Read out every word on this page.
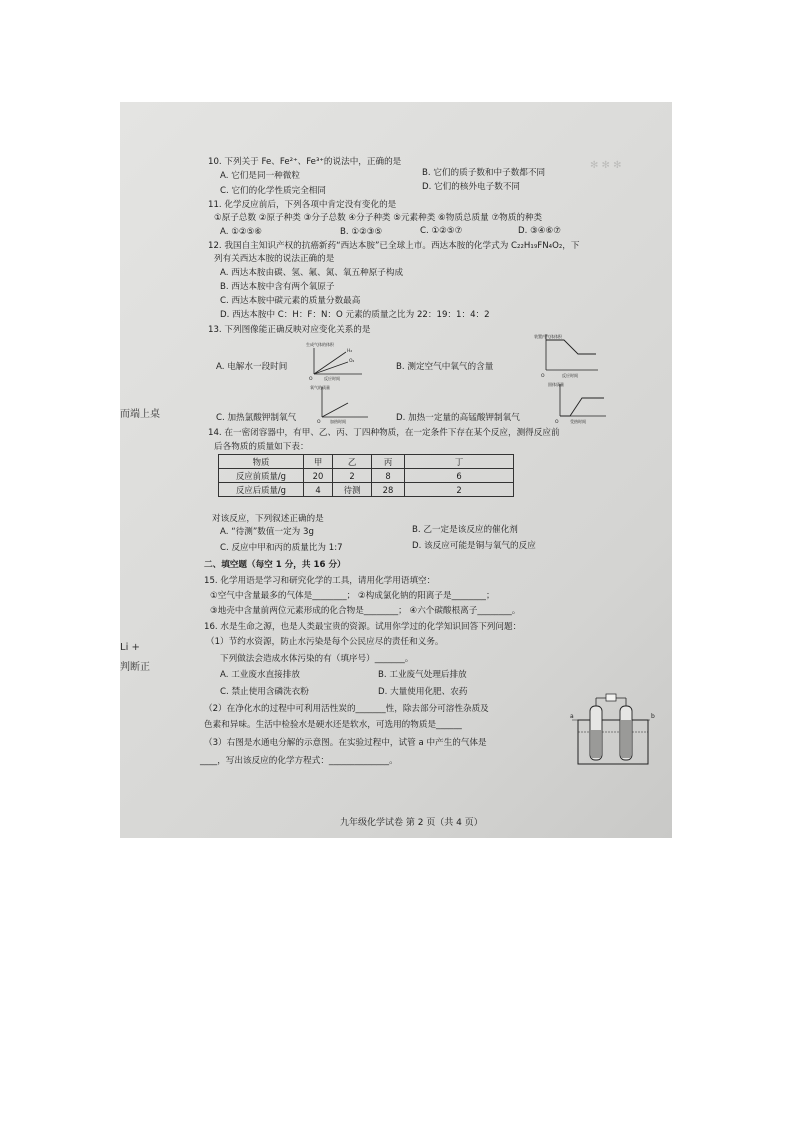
✻ ✻ ✻
而端上桌
Li +
判断正
10. 下列关于 Fe、Fe²⁺、Fe³⁺的说法中，正确的是
A. 它们是同一种微粒	B. 它们的质子数和中子数都不同
C. 它们的化学性质完全相同	D. 它们的核外电子数不同
11. 化学反应前后，下列各项中肯定没有变化的是
①原子总数 ②原子种类 ③分子总数 ④分子种类 ⑤元素种类 ⑥物质总质量 ⑦物质的种类
A. ①②⑤⑥	B. ①②③⑤	C. ①②⑤⑦	D. ③④⑥⑦
12. 我国自主知识产权的抗癌新药“西达本胺”已全球上市。西达本胺的化学式为 C₂₂H₁₉FN₄O₂，下
列有关西达本胺的说法正确的是
A. 西达本胺由碳、氢、氟、氮、氧五种原子构成
B. 西达本胺中含有两个氧原子
C. 西达本胺中碳元素的质量分数最高
D. 西达本胺中 C：H：F：N：O 元素的质量之比为 22：19：1：4：2
13. 下列图像能正确反映对应变化关系的是
A. 电解水一段时间	B. 测定空气中氧气的含量
C. 加热氯酸钾制氧气	D. 加热一定量的高锰酸钾制氧气
生成气体的体积
H₂
O₂
O	反应时间
装置内气体体积
O	反应时间
氧气的质量
O 加热时间
固体质量
O	受热时间
14. 在一密闭容器中，有甲、乙、丙、丁四种物质，在一定条件下存在某个反应，测得反应前
后各物质的质量如下表：
物质	甲	乙	丙	丁
反应前质量/g	20	2	8	6
反应后质量/g	4	待测	28	2
对该反应，下列叙述正确的是
A. “待测”数值一定为 3g	B. 乙一定是该反应的催化剂
C. 反应中甲和丙的质量比为 1:7	D. 该反应可能是铜与氧气的反应
二、填空题（每空 1 分，共 16 分）
15. 化学用语是学习和研究化学的工具，请用化学用语填空：
①空气中含量最多的气体是________； ②构成氯化钠的阳离子是________；
③地壳中含量前两位元素形成的化合物是________； ④六个碳酸根离子________。
16. 水是生命之源，也是人类最宝贵的资源。试用你学过的化学知识回答下列问题：
（1）节约水资源，防止水污染是每个公民应尽的责任和义务。
下列做法会造成水体污染的有（填序号）_______。
A. 工业废水直接排放	B. 工业废气处理后排放
C. 禁止使用含磷洗衣粉	D. 大量使用化肥、农药
（2）在净化水的过程中可利用活性炭的_______性，除去部分可溶性杂质及
色素和异味。生活中检验水是硬水还是软水，可选用的物质是______
（3）右图是水通电分解的示意图。在实验过程中，试管 a 中产生的气体是
____，写出该反应的化学方程式：______________。
a	b
九年级化学试卷 第 2 页（共 4 页）
